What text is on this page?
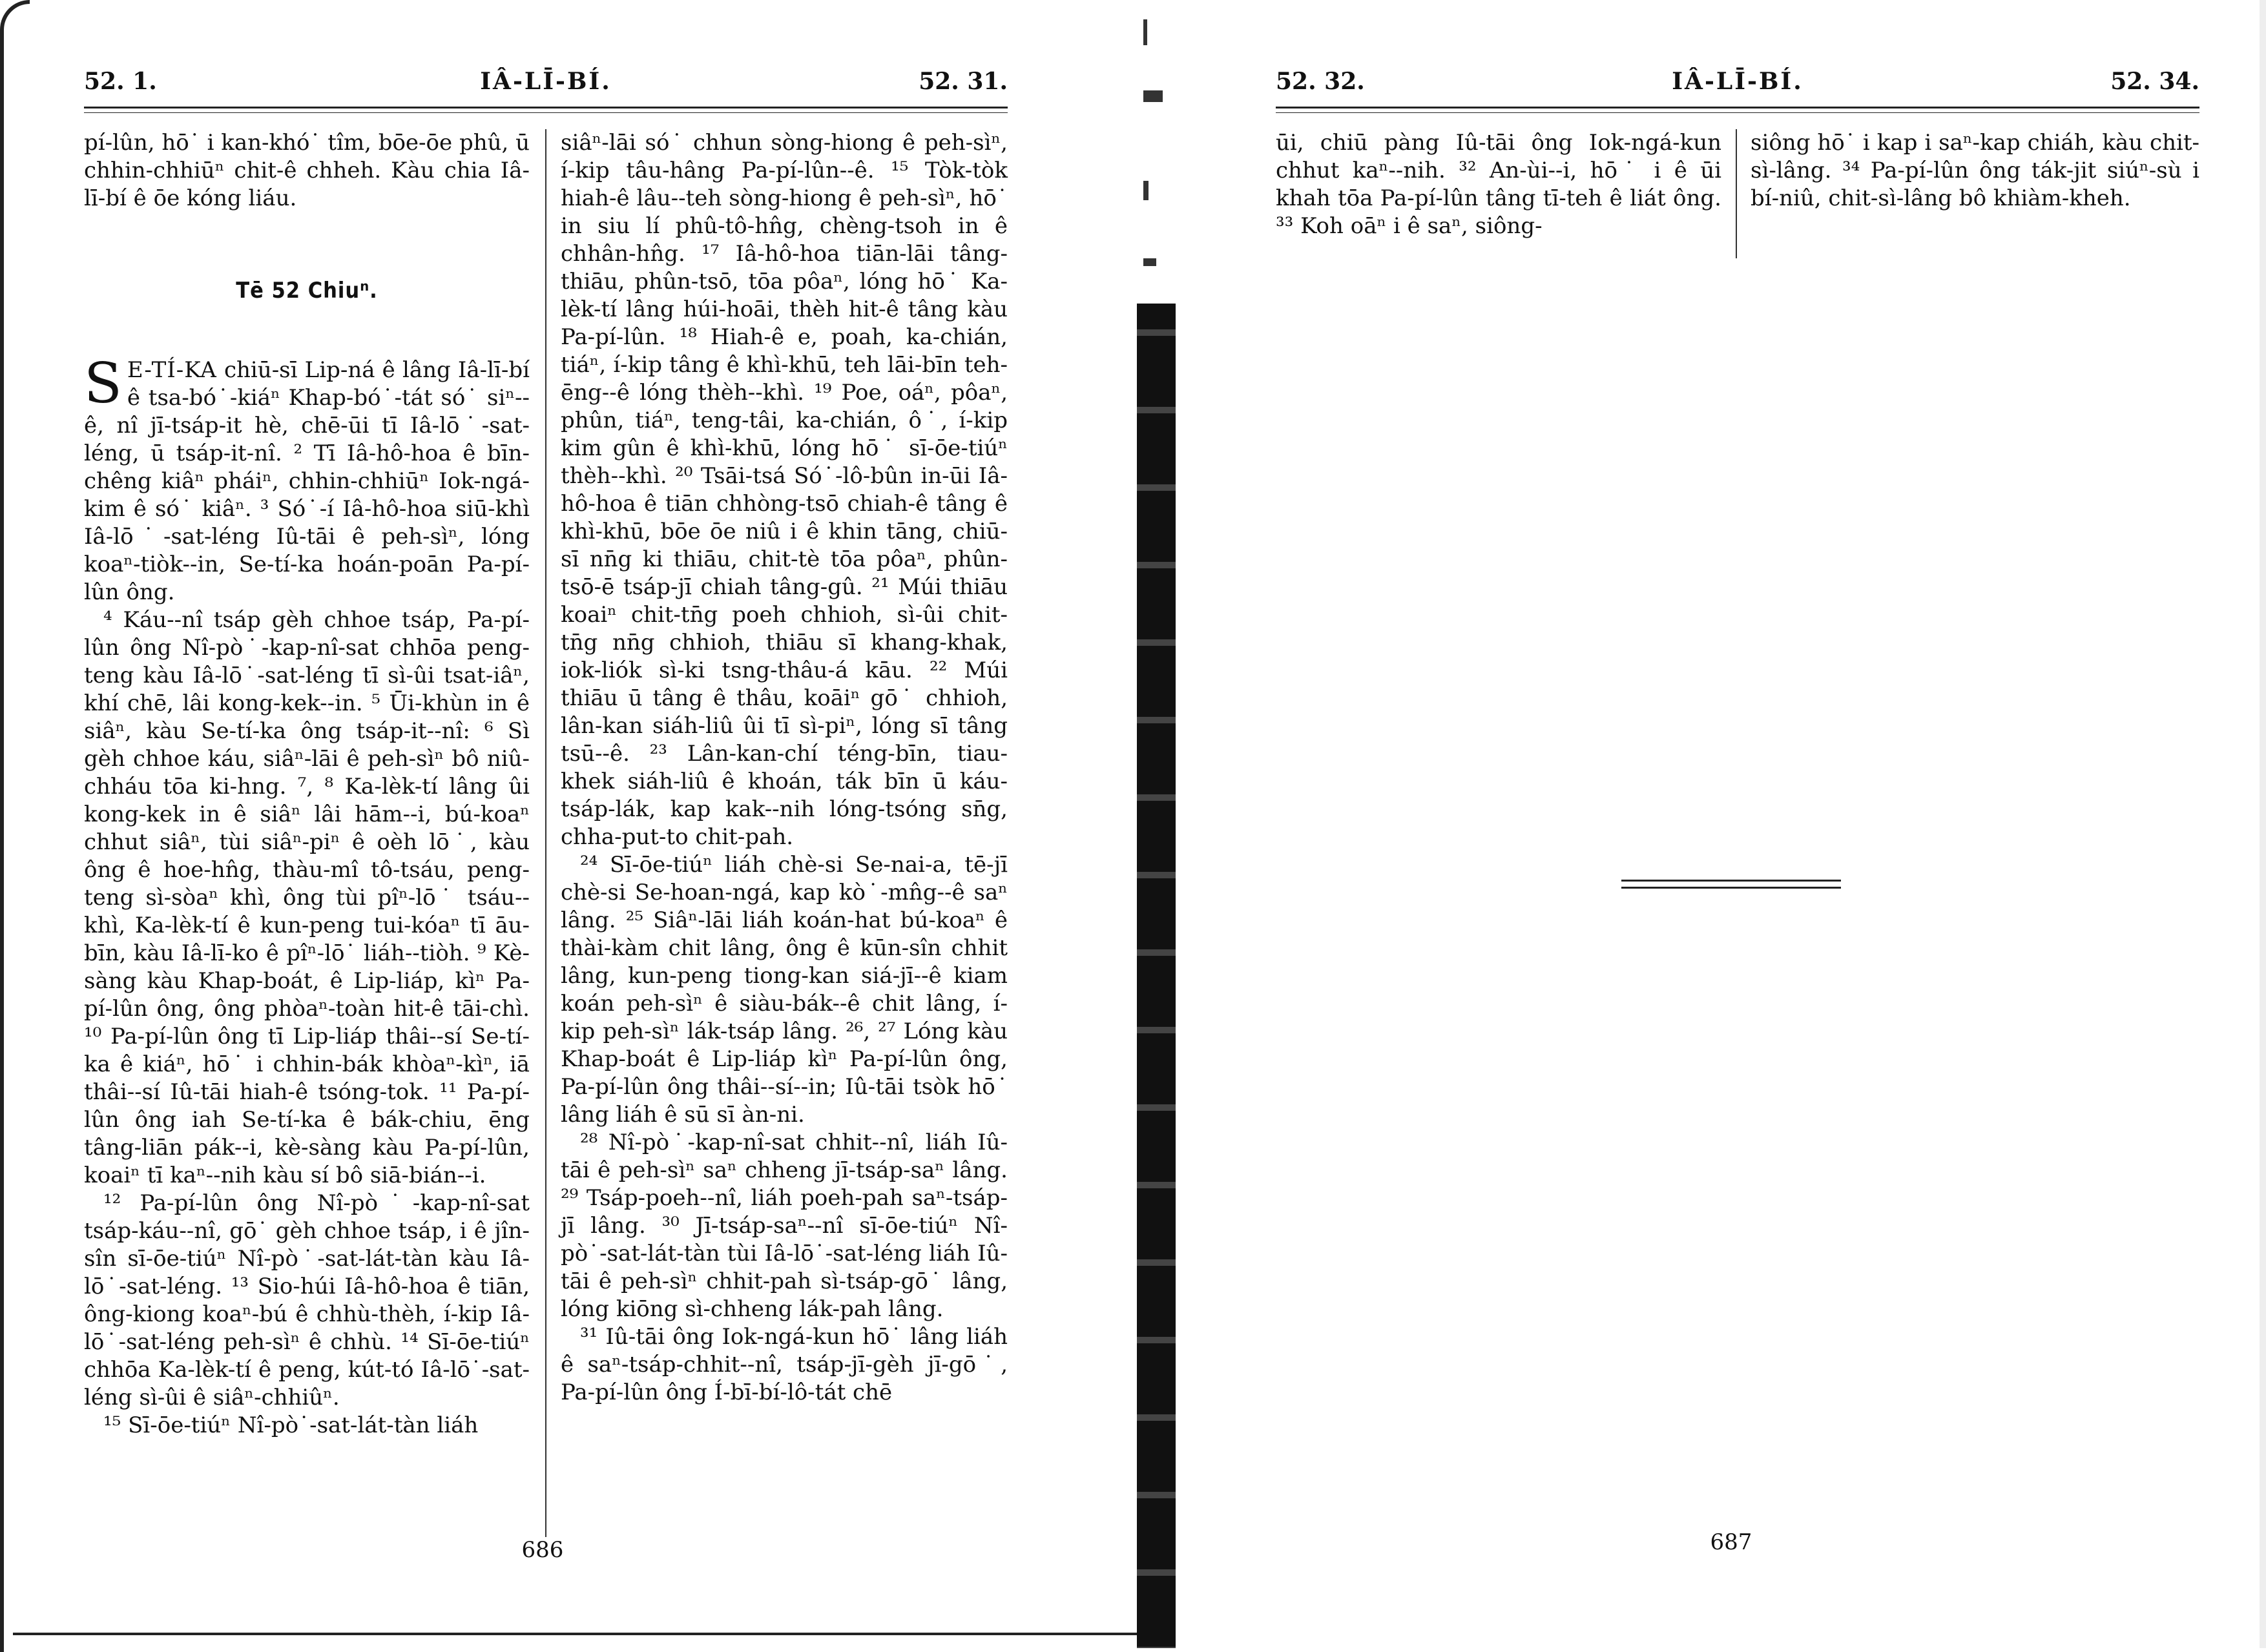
52. 1.	IÂ-LĪ-BÍ.	52. 31.

pí-lûn, hō˙ i kan-khó˙ tîm, bōe-ōe phû, ū chhin-chhiūⁿ chit-ê chheh. Kàu chia Iâ-lī-bí ê ōe kóng liáu.

Tē 52 Chiuⁿ.

S E-TÍ-KA chiū-sī Lip-ná ê lâng Iâ-lī-bí ê tsa-bó˙-kiáⁿ Khap-bó˙-tát só˙ siⁿ--ê, nî jī-tsáp-it hè, chē-ūi tī Iâ-lō˙-sat-léng, ū tsáp-it-nî. ² Tī Iâ-hô-hoa ê bīn-chêng kiâⁿ pháiⁿ, chhin-chhiūⁿ Iok-ngá-kim ê só˙ kiâⁿ. ³ Só˙-í Iâ-hô-hoa siū-khì Iâ-lō˙-sat-léng Iû-tāi ê peh-sìⁿ, lóng koaⁿ-tiòk--in, Se-tí-ka hoán-poān Pa-pí-lûn ông.

⁴ Káu--nî tsáp gèh chhoe tsáp, Pa-pí-lûn ông Nî-pò˙-kap-nî-sat chhōa peng-teng kàu Iâ-lō˙-sat-léng tī sì-ûi tsat-iâⁿ, khí chē, lâi kong-kek--in. ⁵ Ūi-khùn in ê siâⁿ, kàu Se-tí-ka ông tsáp-it--nî: ⁶ Sì gèh chhoe káu, siâⁿ-lāi ê peh-sìⁿ bô niû-chháu tōa ki-hng. ⁷, ⁸ Ka-lèk-tí lâng ûi kong-kek in ê siâⁿ lâi hām--i, bú-koaⁿ chhut siâⁿ, tùi siâⁿ-piⁿ ê oèh lō˙, kàu ông ê hoe-hn̂g, thàu-mî tô-tsáu, peng-teng sì-sòaⁿ khì, ông tùi pîⁿ-lō˙ tsáu--khì, Ka-lèk-tí ê kun-peng tui-kóaⁿ tī āu-bīn, kàu Iâ-lī-ko ê pîⁿ-lō˙ liáh--tiòh. ⁹ Kè-sàng kàu Khap-boát, ê Lip-liáp, kìⁿ Pa-pí-lûn ông, ông phòaⁿ-toàn hit-ê tāi-chì. ¹⁰ Pa-pí-lûn ông tī Lip-liáp thâi--sí Se-tí-ka ê kiáⁿ, hō˙ i chhin-bák khòaⁿ-kìⁿ, iā thâi--sí Iû-tāi hiah-ê tsóng-tok. ¹¹ Pa-pí-lûn ông iah Se-tí-ka ê bák-chiu, ēng tâng-liān pák--i, kè-sàng kàu Pa-pí-lûn, koaiⁿ tī kaⁿ--nih kàu sí bô siā-bián--i.

¹² Pa-pí-lûn ông Nî-pò˙-kap-nî-sat tsáp-káu--nî, gō˙ gèh chhoe tsáp, i ê jîn-sîn sī-ōe-tiúⁿ Nî-pò˙-sat-lát-tàn kàu Iâ-lō˙-sat-léng. ¹³ Sio-húi Iâ-hô-hoa ê tiān, ông-kiong koaⁿ-bú ê chhù-thèh, í-kip Iâ-lō˙-sat-léng peh-sìⁿ ê chhù. ¹⁴ Sī-ōe-tiúⁿ chhōa Ka-lèk-tí ê peng, kút-tó Iâ-lō˙-sat-léng sì-ûi ê siâⁿ-chhiûⁿ.

¹⁵ Sī-ōe-tiúⁿ Nî-pò˙-sat-lát-tàn liáh

siâⁿ-lāi só˙ chhun sòng-hiong ê peh-sìⁿ, í-kip tâu-hâng Pa-pí-lûn--ê. ¹⁵ Tòk-tòk hiah-ê lâu--teh sòng-hiong ê peh-sìⁿ, hō˙ in siu lí phû-tô-hn̂g, chèng-tsoh in ê chhân-hn̂g. ¹⁷ Iâ-hô-hoa tiān-lāi tâng-thiāu, phûn-tsō, tōa pôaⁿ, lóng hō˙ Ka-lèk-tí lâng húi-hoāi, thèh hit-ê tâng kàu Pa-pí-lûn. ¹⁸ Hiah-ê e, poah, ka-chián, tiáⁿ, í-kip tâng ê khì-khū, teh lāi-bīn teh-ēng--ê lóng thèh--khì. ¹⁹ Poe, oáⁿ, pôaⁿ, phûn, tiáⁿ, teng-tâi, ka-chián, ô˙, í-kip kim gûn ê khì-khū, lóng hō˙ sī-ōe-tiúⁿ thèh--khì. ²⁰ Tsāi-tsá Só˙-lô-bûn in-ūi Iâ-hô-hoa ê tiān chhòng-tsō chiah-ê tâng ê khì-khū, bōe ōe niû i ê khin tāng, chiū-sī nn̄g ki thiāu, chit-tè tōa pôaⁿ, phûn-tsō-ē tsáp-jī chiah tâng-gû. ²¹ Múi thiāu koaiⁿ chit-tn̄g poeh chhioh, sì-ûi chit-tn̄g nn̄g chhioh, thiāu sī khang-khak, iok-liók sì-ki tsng-thâu-á kāu. ²² Múi thiāu ū tâng ê thâu, koāiⁿ gō˙ chhioh, lân-kan siáh-liû ûi tī sì-piⁿ, lóng sī tâng tsū--ê. ²³ Lân-kan-chí téng-bīn, tiau-khek siáh-liû ê khoán, ták bīn ū káu-tsáp-lák, kap kak--nih lóng-tsóng sn̄g, chha-put-to chit-pah.

²⁴ Sī-ōe-tiúⁿ liáh chè-si Se-nai-a, tē-jī chè-si Se-hoan-ngá, kap kò˙-mn̂g--ê saⁿ lâng. ²⁵ Siâⁿ-lāi liáh koán-hat bú-koaⁿ ê thài-kàm chit lâng, ông ê kūn-sîn chhit lâng, kun-peng tiong-kan siá-jī--ê kiam koán peh-sìⁿ ê siàu-bák--ê chit lâng, í-kip peh-sìⁿ lák-tsáp lâng. ²⁶, ²⁷ Lóng kàu Khap-boát ê Lip-liáp kìⁿ Pa-pí-lûn ông, Pa-pí-lûn ông thâi--sí--in; Iû-tāi tsòk hō˙ lâng liáh ê sū sī àn-ni.

²⁸ Nî-pò˙-kap-nî-sat chhit--nî, liáh Iû-tāi ê peh-sìⁿ saⁿ chheng jī-tsáp-saⁿ lâng. ²⁹ Tsáp-poeh--nî, liáh poeh-pah saⁿ-tsáp-jī lâng. ³⁰ Jī-tsáp-saⁿ--nî sī-ōe-tiúⁿ Nî-pò˙-sat-lát-tàn tùi Iâ-lō˙-sat-léng liáh Iû-tāi ê peh-sìⁿ chhit-pah sì-tsáp-gō˙ lâng, lóng kiōng sì-chheng lák-pah lâng.

³¹ Iû-tāi ông Iok-ngá-kun hō˙ lâng liáh ê saⁿ-tsáp-chhit--nî, tsáp-jī-gèh jī-gō˙, Pa-pí-lûn ông Í-bī-bí-lô-tát chē

686
52. 32.	IÂ-LĪ-BÍ.	52. 34.

ūi, chiū pàng Iû-tāi ông Iok-ngá-kun chhut kaⁿ--nih. ³² An-ùi--i, hō˙ i ê ūi khah tōa Pa-pí-lûn tâng tī-teh ê liát ông. ³³ Koh oāⁿ i ê saⁿ, siông-

siông hō˙ i kap i saⁿ-kap chiáh, kàu chit-sì-lâng. ³⁴ Pa-pí-lûn ông ták-jit siúⁿ-sù i bí-niû, chit-sì-lâng bô khiàm-kheh.

687
